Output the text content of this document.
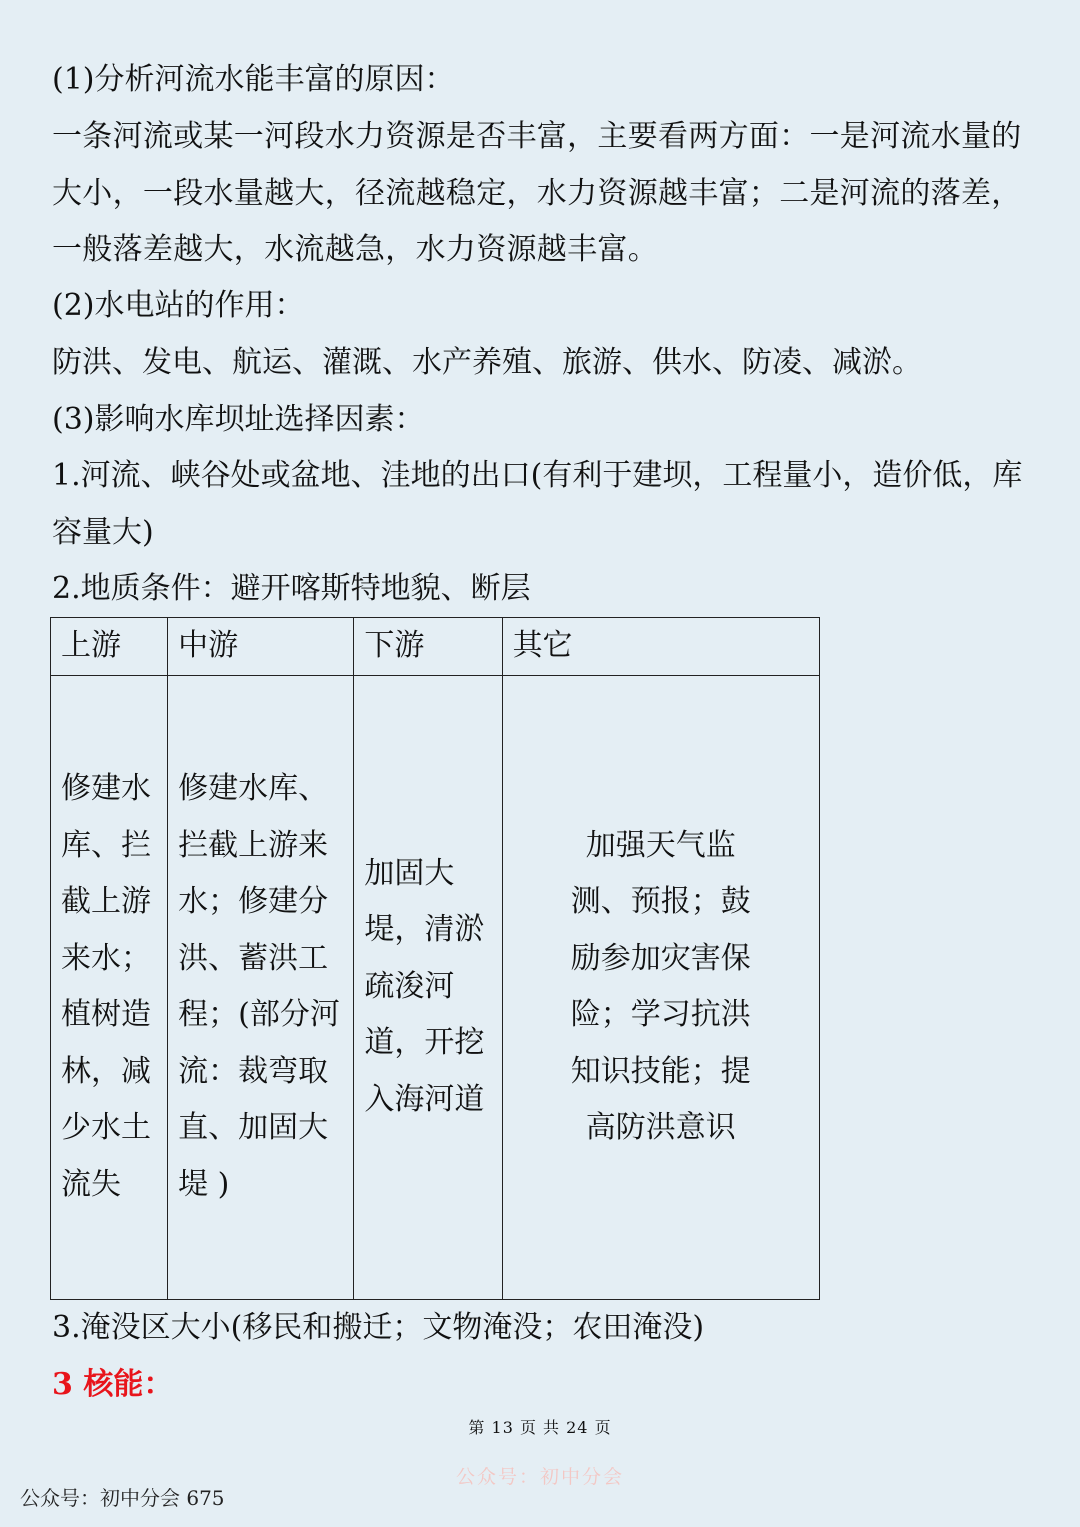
(1)分析河流水能丰富的原因：
一条河流或某一河段水力资源是否丰富，主要看两方面：一是河流水量的大小，一段水量越大，径流越稳定，水力资源越丰富；二是河流的落差，一般落差越大，水流越急，水力资源越丰富。
(2)水电站的作用：
防洪、发电、航运、灌溉、水产养殖、旅游、供水、防凌、减淤。
(3)影响水库坝址选择因素：
1.河流、峡谷处或盆地、洼地的出口(有利于建坝，工程量小，造价低，库容量大)
2.地质条件：避开喀斯特地貌、断层
上游	中游	下游	其它

修建水库、拦截上游来水；植树造林，减少水土流失	修建水库、拦截上游来水；修建分洪、蓄洪工程；(部分河流：裁弯取直、加固大堤 )	加固大堤，清淤疏浚河道，开挖入海河道	加强天气监测、预报；鼓励参加灾害保险；学习抗洪知识技能；提高防洪意识
3.淹没区大小(移民和搬迁；文物淹没；农田淹没)
3 核能：
第 13 页 共 24 页
公众号：初中分会
公众号：初中分会 675
